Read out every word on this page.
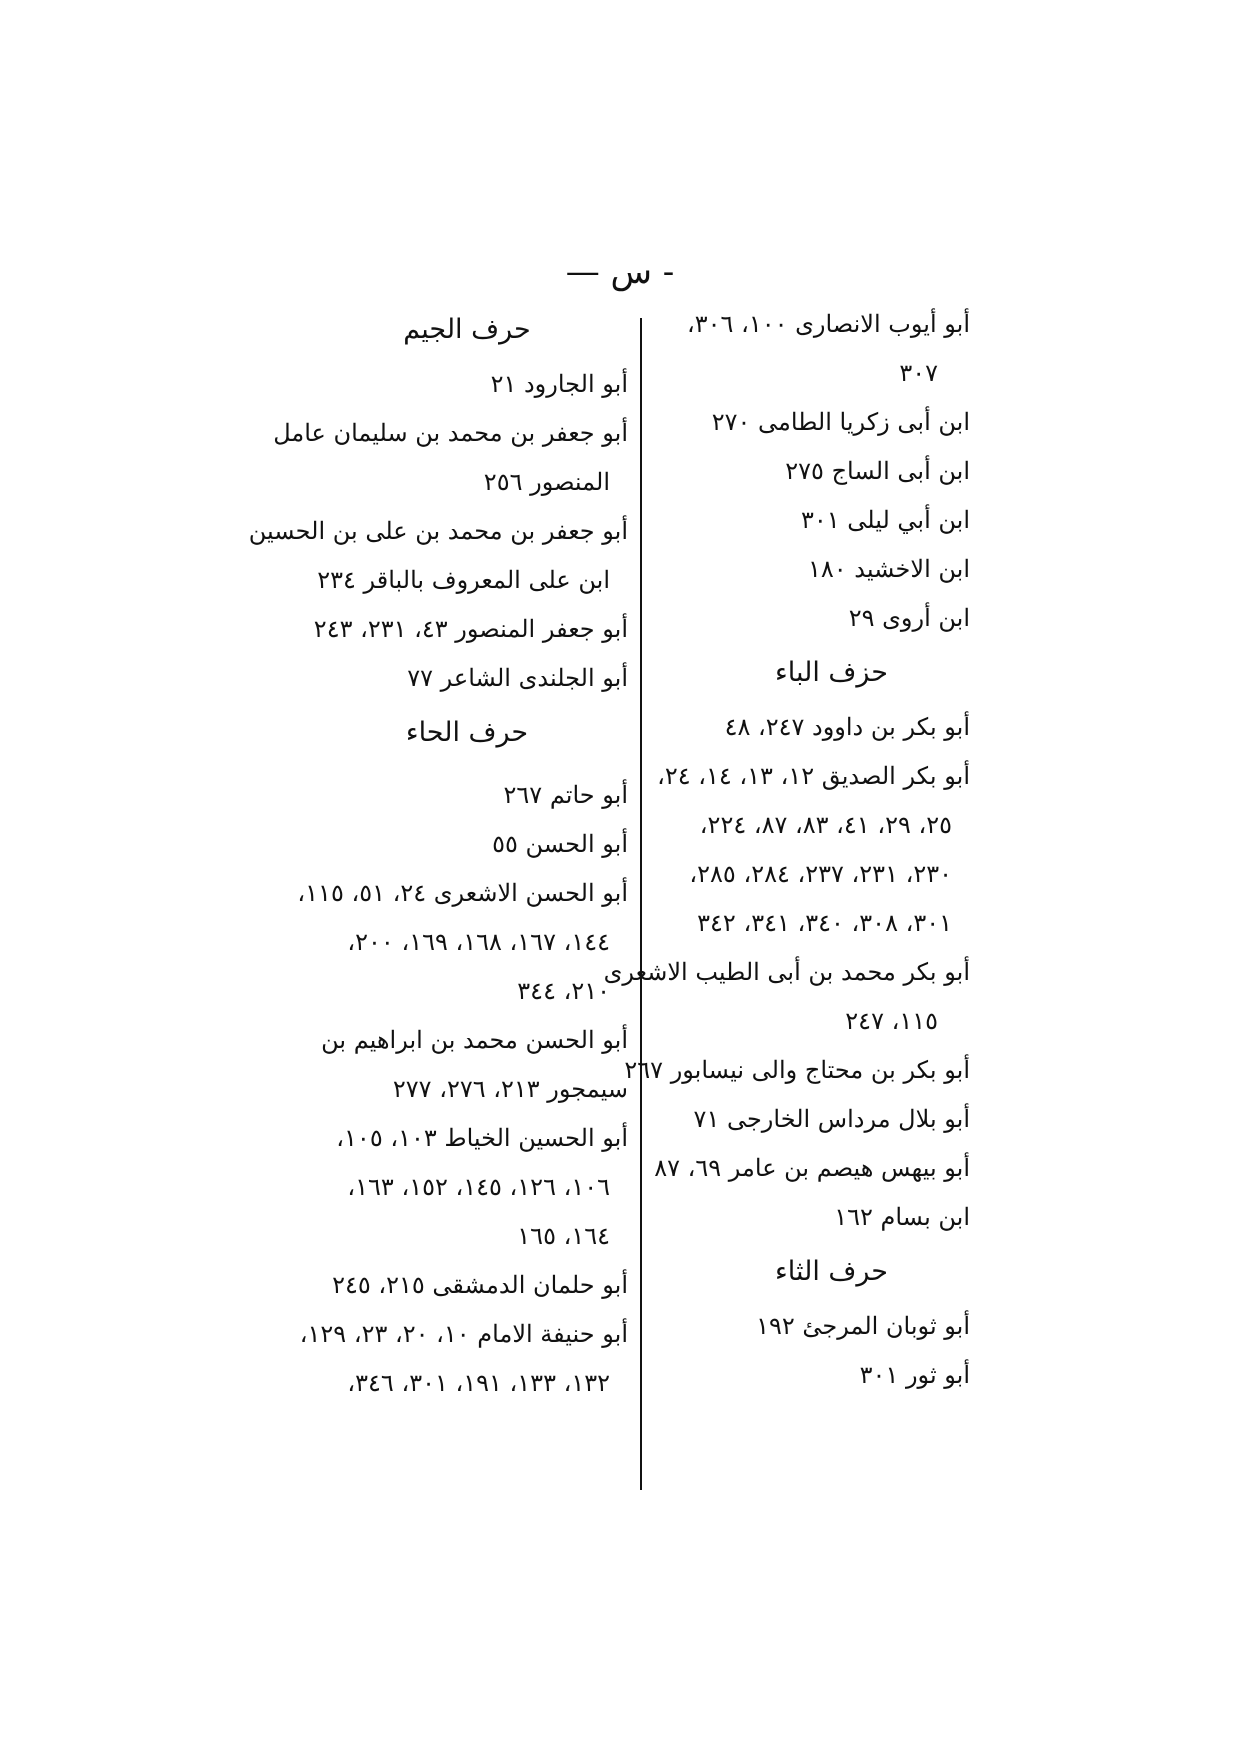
- س —
أبو أيوب الانصارى ١٠٠، ٣٠٦،
٣٠٧
ابن أبى زكريا الطامى ٢٧٠
ابن أبى الساج ٢٧٥
ابن أبي ليلى ٣٠١
ابن الاخشيد ١٨٠
ابن أروى ٢٩
حزف الباء
أبو بكر بن داوود ٢٤٧، ٤٨
أبو بكر الصديق ١٢، ١٣، ١٤، ٢٤،
٢٥، ٢٩، ٤١، ٨٣، ٨٧، ٢٢٤،
٢٣٠، ٢٣١، ٢٣٧، ٢٨٤، ٢٨٥،
٣٠١، ٣٠٨، ٣٤٠، ٣٤١، ٣٤٢
أبو بكر محمد بن أبى الطيب الاشعرى
١١٥، ٢٤٧
أبو بكر بن محتاج والى نيسابور ٢٦٧
أبو بلال مرداس الخارجى ٧١
أبو بيهس هيصم بن عامر ٦٩، ٨٧
ابن بسام ١٦٢
حرف الثاء
أبو ثوبان المرجئ ١٩٢
أبو ثور ٣٠١
حرف الجيم
أبو الجارود ٢١
أبو جعفر بن محمد بن سليمان عامل
المنصور ٢٥٦
أبو جعفر بن محمد بن على بن الحسين
ابن على المعروف بالباقر ٢٣٤
أبو جعفر المنصور ٤٣، ٢٣١، ٢٤٣
أبو الجلندى الشاعر ٧٧
حرف الحاء
أبو حاتم ٢٦٧
أبو الحسن ٥٥
أبو الحسن الاشعرى ٢٤، ٥١، ١١٥،
١٤٤، ١٦٧، ١٦٨، ١٦٩، ٢٠٠،
٢١٠، ٣٤٤
أبو الحسن محمد بن ابراهيم بن
سيمجور ٢١٣، ٢٧٦، ٢٧٧
أبو الحسين الخياط ١٠٣، ١٠٥،
١٠٦، ١٢٦، ١٤٥، ١٥٢، ١٦٣،
١٦٤، ١٦٥
أبو حلمان الدمشقى ٢١٥، ٢٤٥
أبو حنيفة الامام ١٠، ٢٠، ٢٣، ١٢٩،
١٣٢، ١٣٣، ١٩١، ٣٠١، ٣٤٦،
